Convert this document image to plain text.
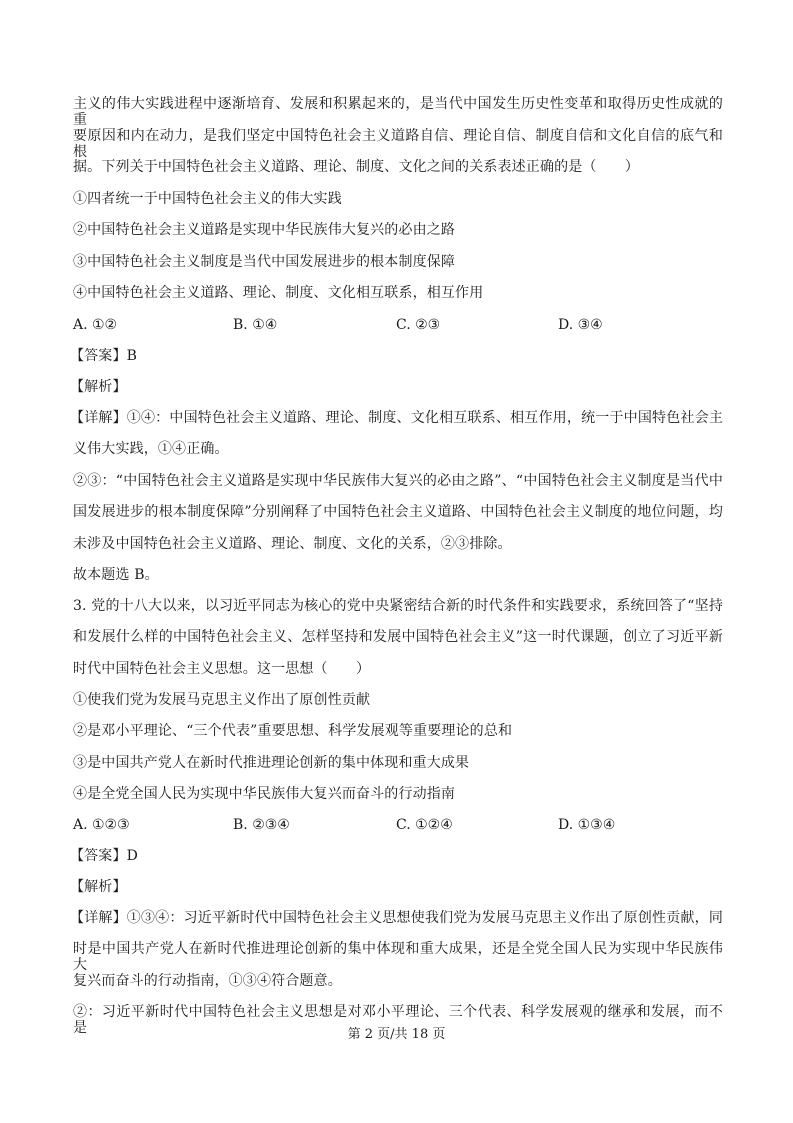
主义的伟大实践进程中逐渐培育、发展和积累起来的，是当代中国发生历史性变革和取得历史性成就的重
要原因和内在动力，是我们坚定中国特色社会主义道路自信、理论自信、制度自信和文化自信的底气和根
据。下列关于中国特色社会主义道路、理论、制度、文化之间的关系表述正确的是（　　）
①四者统一于中国特色社会主义的伟大实践
②中国特色社会主义道路是实现中华民族伟大复兴的必由之路
③中国特色社会主义制度是当代中国发展进步的根本制度保障
④中国特色社会主义道路、理论、制度、文化相互联系，相互作用
A. ①②	B. ①④	C. ②③	D. ③④
【答案】B
【解析】
【详解】①④：中国特色社会主义道路、理论、制度、文化相互联系、相互作用，统一于中国特色社会主
义伟大实践，①④正确。
②③：“中国特色社会主义道路是实现中华民族伟大复兴的必由之路”、“中国特色社会主义制度是当代中
国发展进步的根本制度保障”分别阐释了中国特色社会主义道路、中国特色社会主义制度的地位问题，均
未涉及中国特色社会主义道路、理论、制度、文化的关系，②③排除。
故本题选 B。
3. 党的十八大以来，以习近平同志为核心的党中央紧密结合新的时代条件和实践要求，系统回答了“坚持
和发展什么样的中国特色社会主义、怎样坚持和发展中国特色社会主义”这一时代课题，创立了习近平新
时代中国特色社会主义思想。这一思想（　　）
①使我们党为发展马克思主义作出了原创性贡献
②是邓小平理论、“三个代表”重要思想、科学发展观等重要理论的总和
③是中国共产党人在新时代推进理论创新的集中体现和重大成果
④是全党全国人民为实现中华民族伟大复兴而奋斗的行动指南
A. ①②③	B. ②③④	C. ①②④	D. ①③④
【答案】D
【解析】
【详解】①③④：习近平新时代中国特色社会主义思想使我们党为发展马克思主义作出了原创性贡献，同
时是中国共产党人在新时代推进理论创新的集中体现和重大成果，还是全党全国人民为实现中华民族伟大
复兴而奋斗的行动指南，①③④符合题意。
②：习近平新时代中国特色社会主义思想是对邓小平理论、三个代表、科学发展观的继承和发展，而不是	第 2 页/共 18 页
